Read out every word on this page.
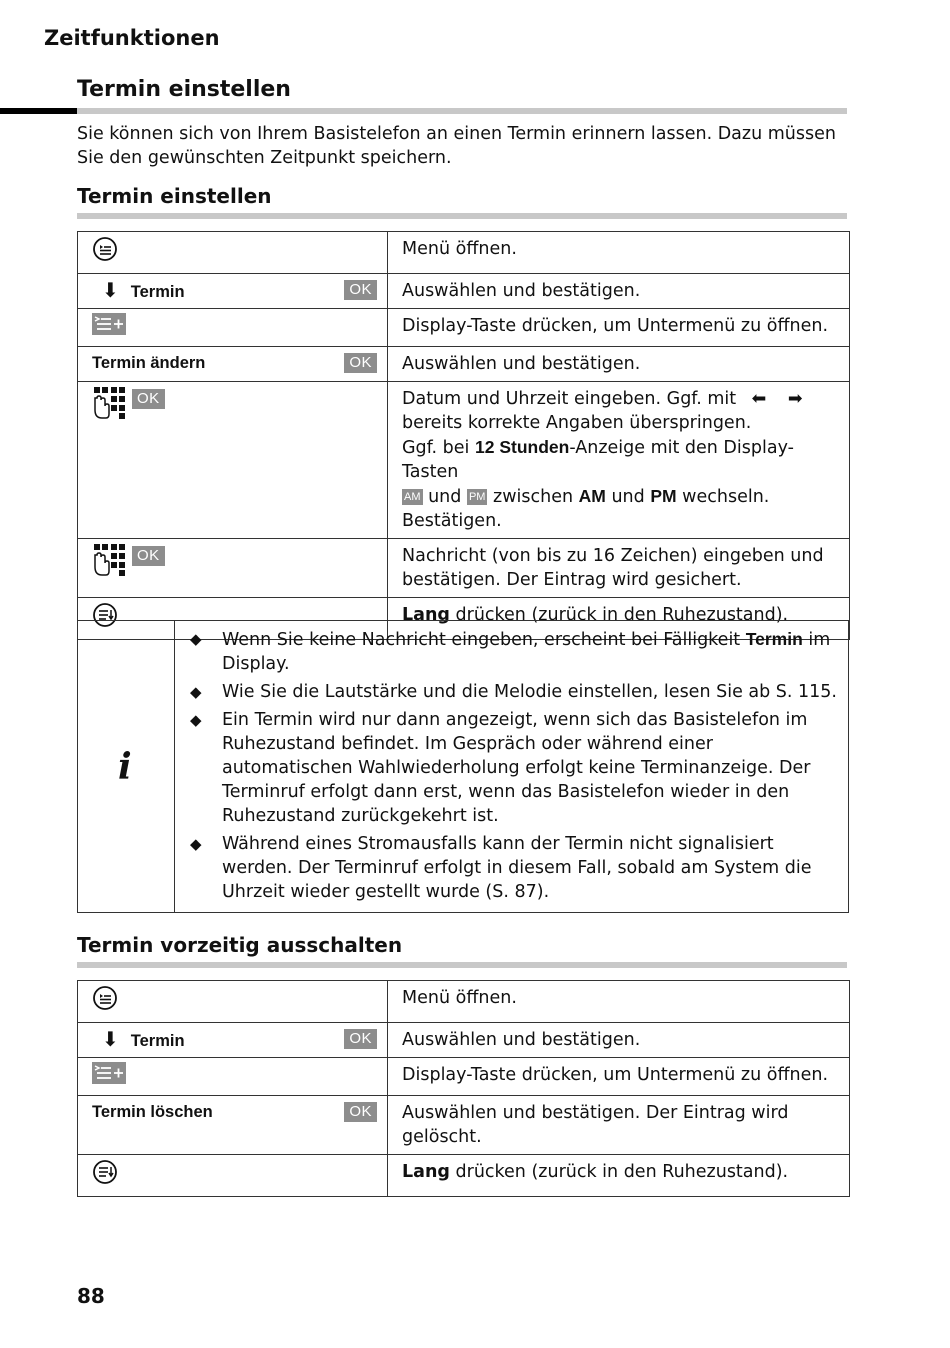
Zeitfunktionen
Termin einstellen
Sie können sich von Ihrem Basistelefon an einen Termin erinnern lassen. Dazu müssen Sie den gewünschten Zeitpunkt speichern.
Termin einstellen
	Menü öffnen.
⬇ Termin OK	Auswählen und bestätigen.
	Display-Taste drücken, um Untermenü zu öffnen.
Termin ändern OK	Auswählen und bestätigen.
OK	Datum und Uhrzeit eingeben. Ggf. mit ⬅ ➡
bereits korrekte Angaben überspringen.
Ggf. bei 12 Stunden-Anzeige mit den Display-Tasten
AM und PM zwischen AM und PM wechseln.
Bestätigen.
OK	Nachricht (von bis zu 16 Zeichen) eingeben und bestätigen. Der Eintrag wird gesichert.
	Lang drücken (zurück in den Ruhezustand).
i
◆ Wenn Sie keine Nachricht eingeben, erscheint bei Fälligkeit Termin im Display.
◆ Wie Sie die Lautstärke und die Melodie einstellen, lesen Sie ab S. 115.
◆ Ein Termin wird nur dann angezeigt, wenn sich das Basistelefon im Ruhezustand befindet. Im Gespräch oder während einer automatischen Wahlwiederholung erfolgt keine Terminanzeige. Der Terminruf erfolgt dann erst, wenn das Basistelefon wieder in den Ruhezustand zurückgekehrt ist.
◆ Während eines Stromausfalls kann der Termin nicht signalisiert werden. Der Terminruf erfolgt in diesem Fall, sobald am System die Uhrzeit wieder gestellt wurde (S. 87).
Termin vorzeitig ausschalten
	Menü öffnen.
⬇ Termin OK	Auswählen und bestätigen.
	Display-Taste drücken, um Untermenü zu öffnen.
Termin löschen OK	Auswählen und bestätigen. Der Eintrag wird gelöscht.
	Lang drücken (zurück in den Ruhezustand).
88
